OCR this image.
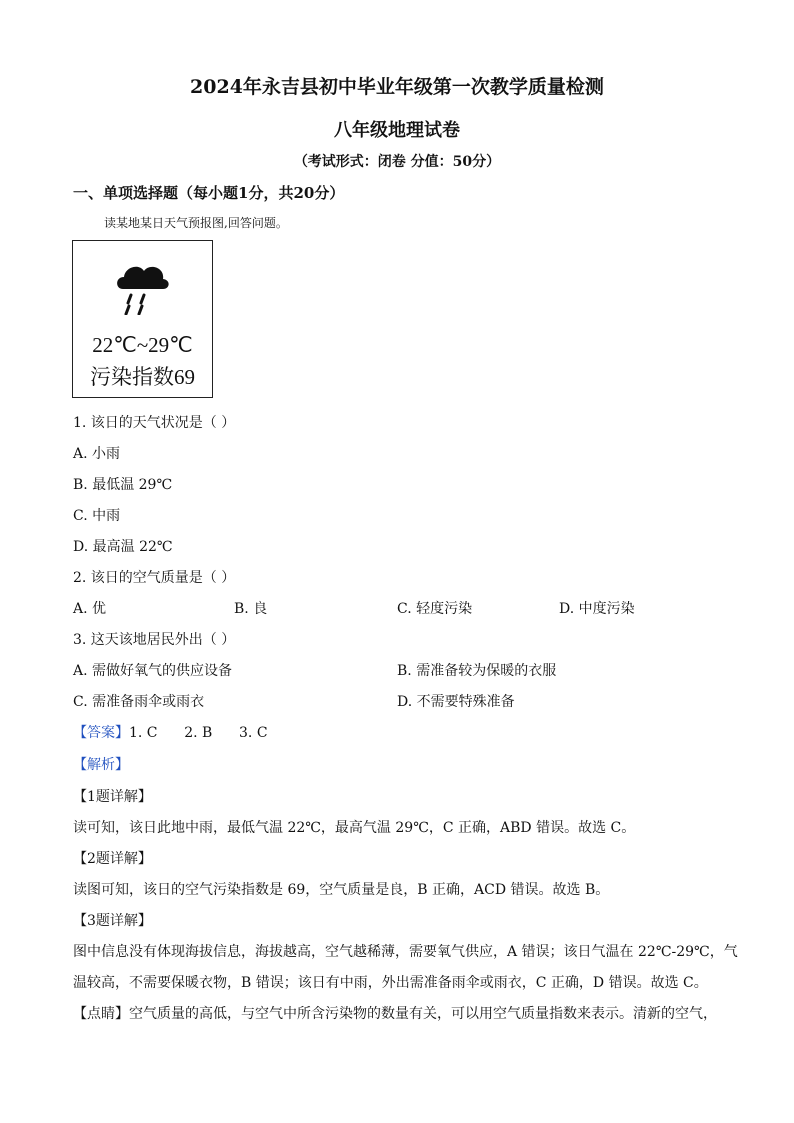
2024年永吉县初中毕业年级第一次教学质量检测
八年级地理试卷
（考试形式：闭卷 分值：50分）
一、单项选择题（每小题1分，共20分）
读某地某日天气预报图,回答问题。
22℃~29℃
污染指数69
1. 该日的天气状况是（ ）
A. 小雨
B. 最低温 29℃
C. 中雨
D. 最高温 22℃
2. 该日的空气质量是（ ）
A. 优	B. 良	C. 轻度污染	D. 中度污染
3. 这天该地居民外出（ ）
A. 需做好氧气的供应设备	B. 需准备较为保暖的衣服
C. 需准备雨伞或雨衣	D. 不需要特殊准备
【答案】1. C      2. B      3. C
【解析】
【1题详解】
读可知，该日此地中雨，最低气温 22℃，最高气温 29℃，C 正确，ABD 错误。故选 C。
【2题详解】
读图可知，该日的空气污染指数是 69，空气质量是良，B 正确，ACD 错误。故选 B。
【3题详解】
图中信息没有体现海拔信息，海拔越高，空气越稀薄，需要氧气供应，A 错误；该日气温在 22℃-29℃，气
温较高，不需要保暖衣物，B 错误；该日有中雨，外出需准备雨伞或雨衣，C 正确，D 错误。故选 C。
【点睛】空气质量的高低，与空气中所含污染物的数量有关，可以用空气质量指数来表示。清新的空气，
